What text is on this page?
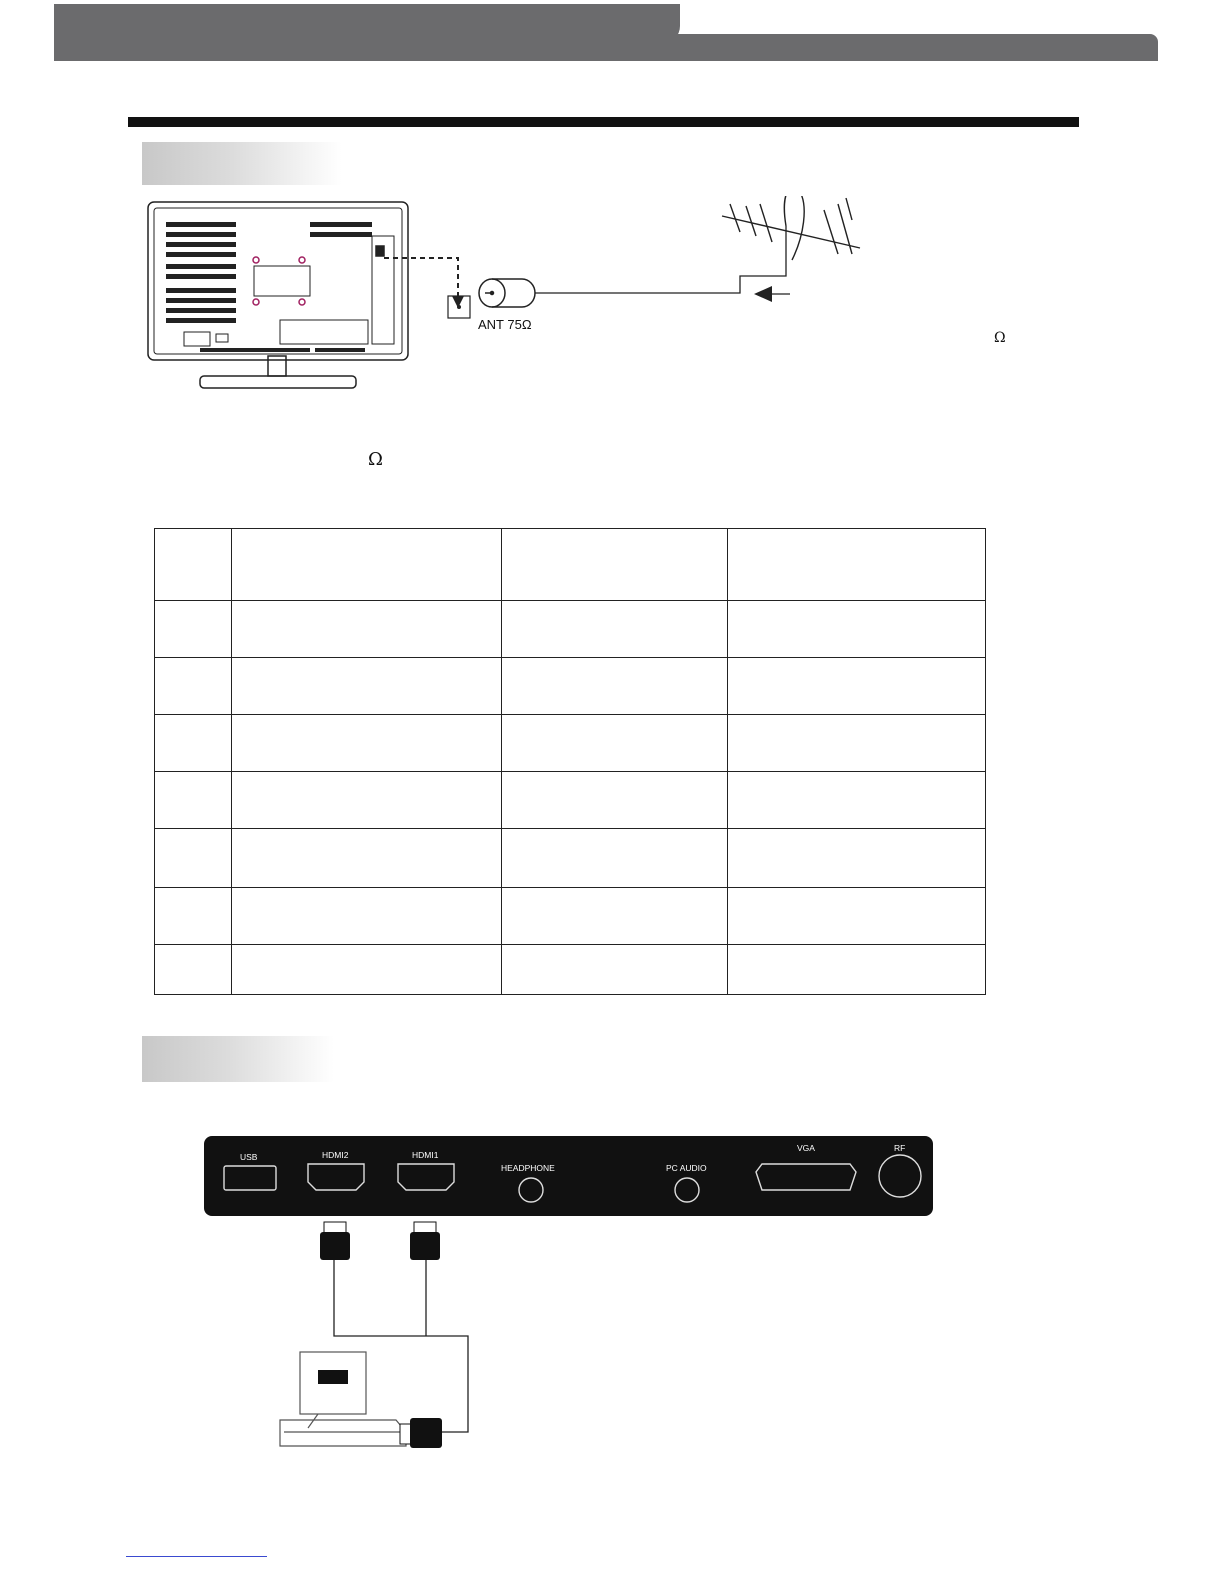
ANT 75Ω
Ω
Ω

USB	HDMI2	HDMI1
HEADPHONE	PC AUDIO
VGA	RF
